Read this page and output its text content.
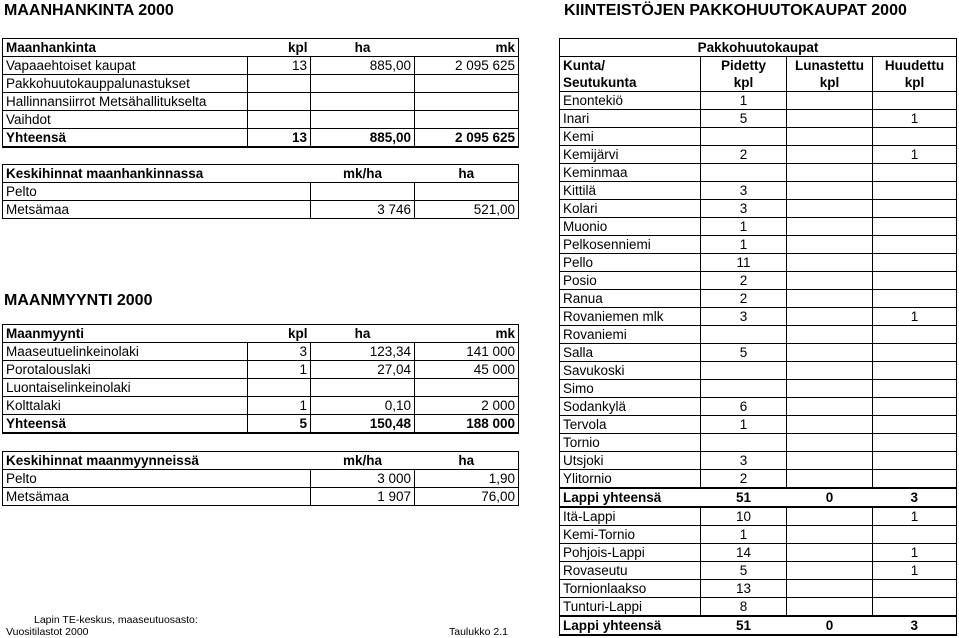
MAANHANKINTA 2000
Maanhankinta	kpl	ha	mk
Vapaaehtoiset kaupat	13	885,00	2 095 625
Pakkohuutokauppalunastukset			
Hallinnansiirrot Metsähallitukselta			
Vaihdot			
Yhteensä	13	885,00	2 095 625
Keskihinnat maanhankinnassa	mk/ha	ha
Pelto		
Metsämaa	3 746	521,00
MAANMYYNTI 2000
Maanmyynti	kpl	ha	mk
Maaseutuelinkeinolaki	3	123,34	141 000
Porotalouslaki	1	27,04	45 000
Luontaiselinkeinolaki			
Kolttalaki	1	0,10	2 000
Yhteensä	5	150,48	188 000
Keskihinnat maanmyynneissä	mk/ha	ha
Pelto	3 000	1,90
Metsämaa	1 907	76,00
Lapin TE-keskus, maaseutuosasto:
Vuositilastot 2000	Taulukko 2.1
KIINTEISTÖJEN PAKKOHUUTOKAUPAT 2000
Pakkohuutokaupat			
Kunta/	Pidetty	Lunastettu	Huudettu
Seutukunta	kpl	kpl	kpl
Enontekiö	1		
Inari	5		1
Kemi			
Kemijärvi	2		1
Keminmaa			
Kittilä	3		
Kolari	3		
Muonio	1		
Pelkosenniemi	1		
Pello	11		
Posio	2		
Ranua	2		
Rovaniemen mlk	3		1
Rovaniemi			
Salla	5		
Savukoski			
Simo			
Sodankylä	6		
Tervola	1		
Tornio			
Utsjoki	3		
Ylitornio	2		
Lappi yhteensä	51	0	3
Itä-Lappi	10		1
Kemi-Tornio	1		
Pohjois-Lappi	14		1
Rovaseutu	5		1
Tornionlaakso	13		
Tunturi-Lappi	8		
Lappi yhteensä	51	0	3
